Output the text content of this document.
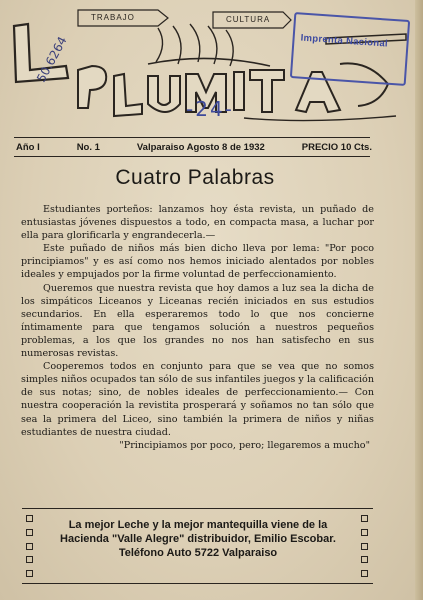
TRABAJO	CULTURA
Imprenta Nacional
50.6264
-24-
Año I	No. 1	Valparaiso Agosto 8 de 1932	PRECIO 10 Cts.
Cuatro Palabras

Estudiantes porteños: lanzamos hoy ésta revista, un puñado de entusiastas jóvenes dispuestos a todo, en compacta masa, a luchar por ella para glorificarla y engrandecerla.—

Este puñado de niños más bien dicho lleva por lema: "Por poco principiamos" y es así como nos hemos iniciado alentados por nobles ideales y empujados por la firme voluntad de perfeccionamiento.

Queremos que nuestra revista que hoy damos a luz sea la dicha de los simpáticos Liceanos y Liceanas recién iniciados en sus estudios secundarios. En ella esperaremos todo lo que nos concierne íntimamente para que tengamos solución a nuestros pequeños problemas, a los que los grandes no nos han satisfecho en sus numerosas revistas.

Cooperemos todos en conjunto para que se vea que no somos simples niños ocupados tan sólo de sus infantiles juegos y la calificación de sus notas; sino, de nobles ideales de perfeccionamiento.— Con nuestra cooperación la revistita prosperará y soñamos no tan sólo que sea la primera del Liceo, sino también la primera de niños y niñas estudiantes de nuestra ciudad.

"Principiamos por poco, pero; llegaremos a mucho"

La mejor Leche y la mejor mantequilla viene de la Hacienda "Valle Alegre" distribuidor, Emilio Escobar. Teléfono Auto 5722 Valparaiso
